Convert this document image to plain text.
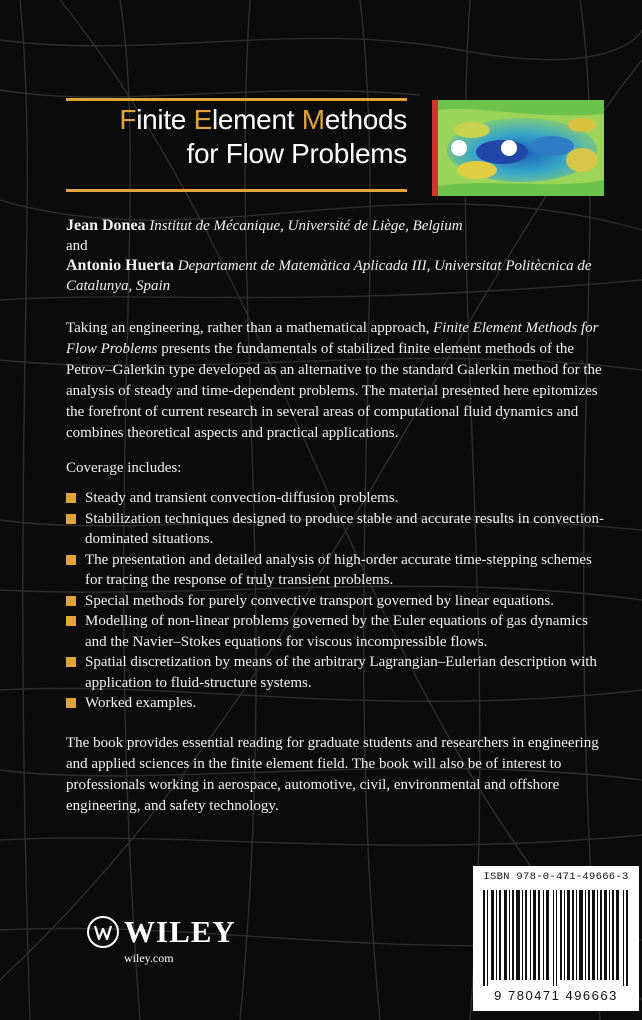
Finite Element Methods
for Flow Problems
Jean Donea Institut de Mécanique, Université de Liège, Belgium
and
Antonio Huerta Departament de Matemàtica Aplicada III, Universitat Politècnica de Catalunya, Spain
Taking an engineering, rather than a mathematical approach, Finite Element Methods for Flow Problems presents the fundamentals of stabilized finite element methods of the Petrov–Galerkin type developed as an alternative to the standard Galerkin method for the analysis of steady and time-dependent problems. The material presented here epitomizes the forefront of current research in several areas of computational fluid dynamics and combines theoretical aspects and practical applications.
Coverage includes:
Steady and transient convection-diffusion problems.
Stabilization techniques designed to produce stable and accurate results in convection-dominated situations.
The presentation and detailed analysis of high-order accurate time-stepping schemes for tracing the response of truly transient problems.
Special methods for purely convective transport governed by linear equations.
Modelling of non-linear problems governed by the Euler equations of gas dynamics and the Navier–Stokes equations for viscous incompressible flows.
Spatial discretization by means of the arbitrary Lagrangian–Eulerian description with application to fluid-structure systems.
Worked examples.
The book provides essential reading for graduate students and researchers in engineering and applied sciences in the finite element field. The book will also be of interest to professionals working in aerospace, automotive, civil, environmental and offshore engineering, and safety technology.
WILEY
wiley.com
ISBN 978-0-471-49666-3
9 780471 496663
